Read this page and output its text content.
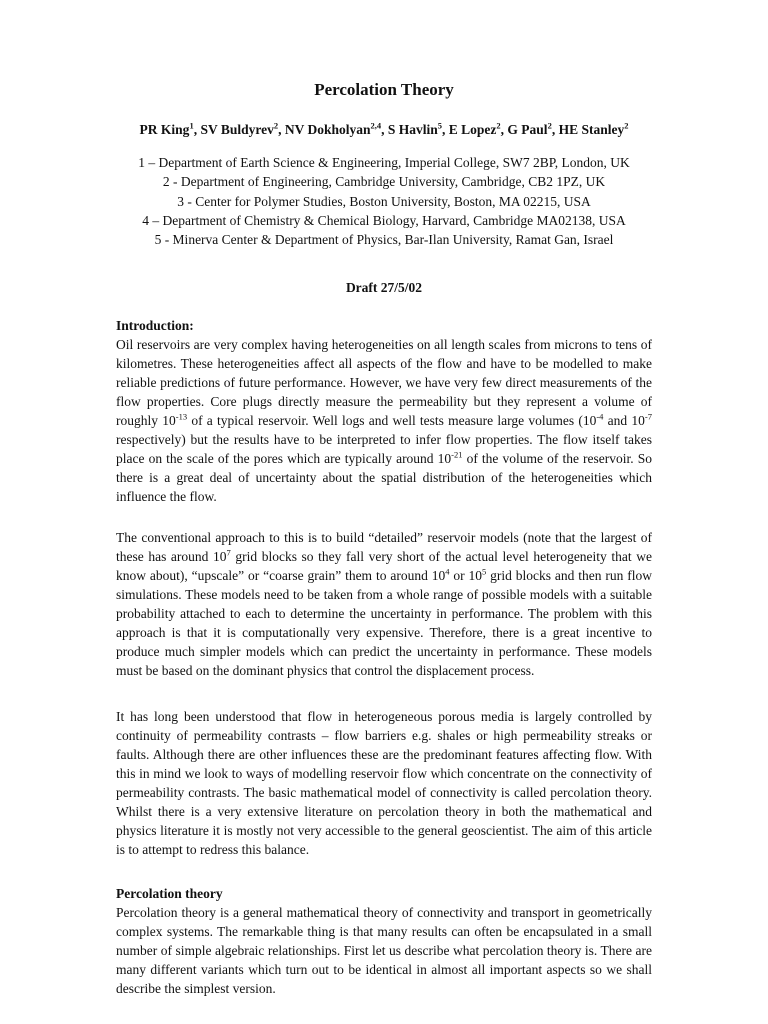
Percolation Theory
PR King$^1$, SV Buldyrev$^2$, NV Dokholyan$^{2,4}$, S Havlin$^5$, E Lopez$^2$, G Paul$^2$, HE Stanley$^2$
1 – Department of Earth Science & Engineering, Imperial College, SW7 2BP, London, UK
2 - Department of Engineering, Cambridge University, Cambridge, CB2 1PZ, UK
3 - Center for Polymer Studies, Boston University, Boston, MA 02215, USA
4 – Department of Chemistry & Chemical Biology, Harvard, Cambridge MA02138, USA
5 - Minerva Center & Department of Physics, Bar-Ilan University, Ramat Gan, Israel
Draft 27/5/02

Introduction:

Oil reservoirs are very complex having heterogeneities on all length scales from microns to tens of kilometres. These heterogeneities affect all aspects of the flow and have to be modelled to make reliable predictions of future performance. However, we have very few direct measurements of the flow properties. Core plugs directly measure the permeability but they represent a volume of roughly $10^{-13}$ of a typical reservoir. Well logs and well tests measure large volumes ($10^{-4}$ and $10^{-7}$ respectively) but the results have to be interpreted to infer flow properties. The flow itself takes place on the scale of the pores which are typically around $10^{-21}$ of the volume of the reservoir. So there is a great deal of uncertainty about the spatial distribution of the heterogeneities which influence the flow.

The conventional approach to this is to build “detailed” reservoir models (note that the largest of these has around $10^7$ grid blocks so they fall very short of the actual level heterogeneity that we know about), “upscale” or “coarse grain” them to around $10^4$ or $10^5$ grid blocks and then run flow simulations. These models need to be taken from a whole range of possible models with a suitable probability attached to each to determine the uncertainty in performance. The problem with this approach is that it is computationally very expensive. Therefore, there is a great incentive to produce much simpler models which can predict the uncertainty in performance. These models must be based on the dominant physics that control the displacement process.

It has long been understood that flow in heterogeneous porous media is largely controlled by continuity of permeability contrasts – flow barriers e.g. shales or high permeability streaks or faults. Although there are other influences these are the predominant features affecting flow. With this in mind we look to ways of modelling reservoir flow which concentrate on the connectivity of permeability contrasts. The basic mathematical model of connectivity is called percolation theory. Whilst there is a very extensive literature on percolation theory in both the mathematical and physics literature it is mostly not very accessible to the general geoscientist. The aim of this article is to attempt to redress this balance.

Percolation theory

Percolation theory is a general mathematical theory of connectivity and transport in geometrically complex systems. The remarkable thing is that many results can often be encapsulated in a small number of simple algebraic relationships. First let us describe what percolation theory is. There are many different variants which turn out to be identical in almost all important aspects so we shall describe the simplest version.
